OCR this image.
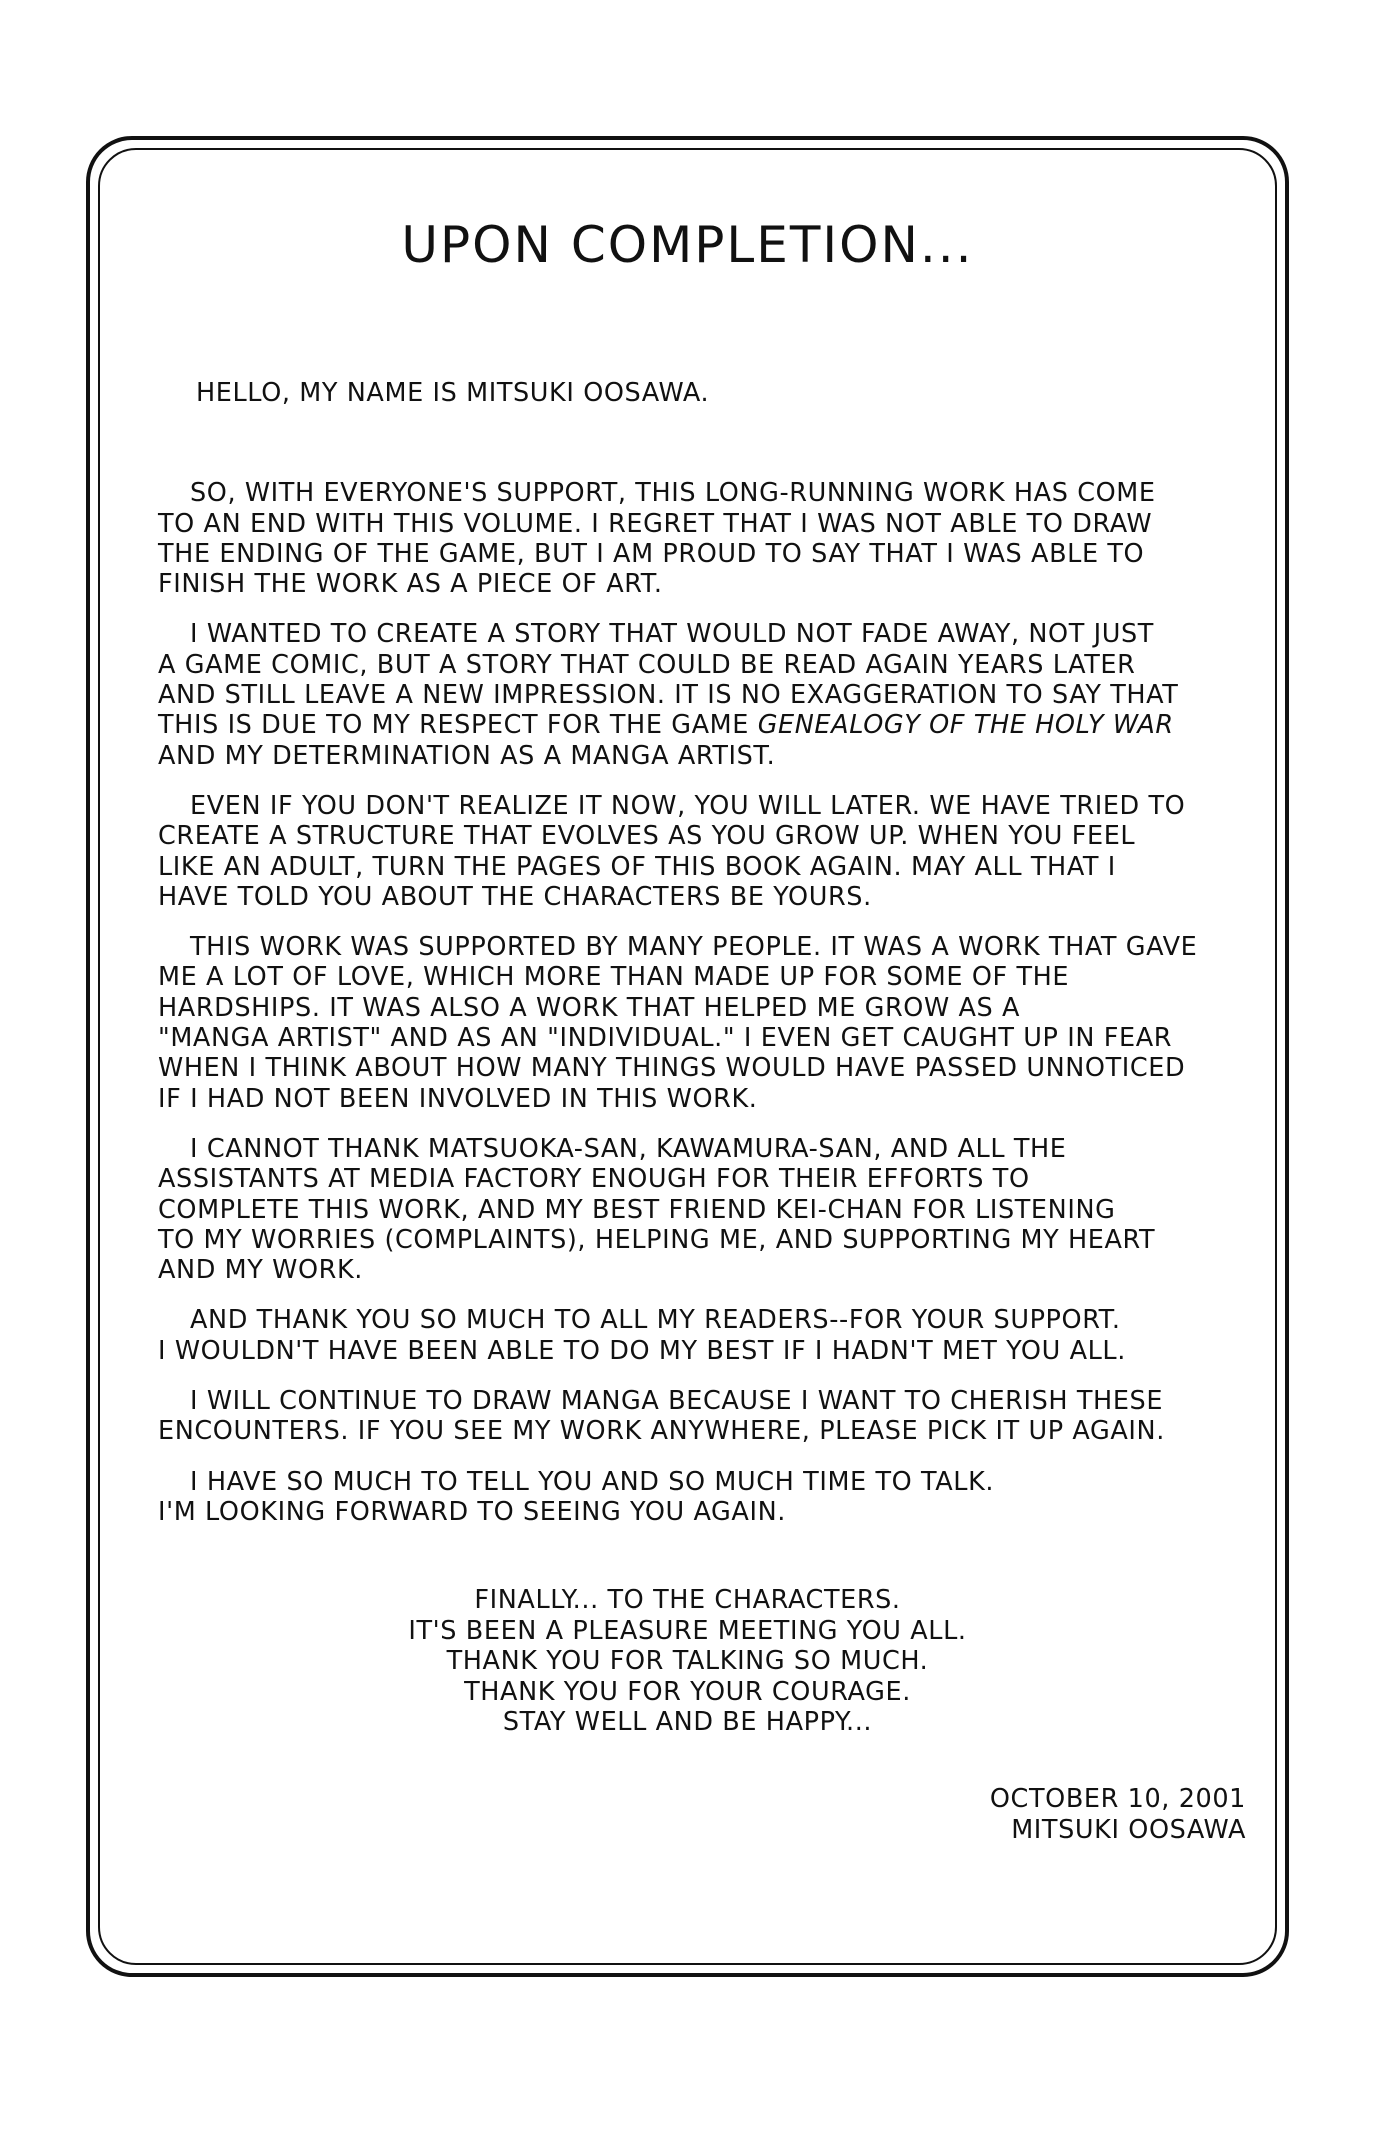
UPON COMPLETION...

HELLO, MY NAME IS MITSUKI OOSAWA.

SO, WITH EVERYONE'S SUPPORT, THIS LONG-RUNNING WORK HAS COME
TO AN END WITH THIS VOLUME. I REGRET THAT I WAS NOT ABLE TO DRAW
THE ENDING OF THE GAME, BUT I AM PROUD TO SAY THAT I WAS ABLE TO
FINISH THE WORK AS A PIECE OF ART.

I WANTED TO CREATE A STORY THAT WOULD NOT FADE AWAY, NOT JUST
A GAME COMIC, BUT A STORY THAT COULD BE READ AGAIN YEARS LATER
AND STILL LEAVE A NEW IMPRESSION. IT IS NO EXAGGERATION TO SAY THAT
THIS IS DUE TO MY RESPECT FOR THE GAME GENEALOGY OF THE HOLY WAR
AND MY DETERMINATION AS A MANGA ARTIST.

EVEN IF YOU DON'T REALIZE IT NOW, YOU WILL LATER. WE HAVE TRIED TO
CREATE A STRUCTURE THAT EVOLVES AS YOU GROW UP. WHEN YOU FEEL
LIKE AN ADULT, TURN THE PAGES OF THIS BOOK AGAIN. MAY ALL THAT I
HAVE TOLD YOU ABOUT THE CHARACTERS BE YOURS.

THIS WORK WAS SUPPORTED BY MANY PEOPLE. IT WAS A WORK THAT GAVE
ME A LOT OF LOVE, WHICH MORE THAN MADE UP FOR SOME OF THE
HARDSHIPS. IT WAS ALSO A WORK THAT HELPED ME GROW AS A
"MANGA ARTIST" AND AS AN "INDIVIDUAL." I EVEN GET CAUGHT UP IN FEAR
WHEN I THINK ABOUT HOW MANY THINGS WOULD HAVE PASSED UNNOTICED
IF I HAD NOT BEEN INVOLVED IN THIS WORK.

I CANNOT THANK MATSUOKA-SAN, KAWAMURA-SAN, AND ALL THE
ASSISTANTS AT MEDIA FACTORY ENOUGH FOR THEIR EFFORTS TO
COMPLETE THIS WORK, AND MY BEST FRIEND KEI-CHAN FOR LISTENING
TO MY WORRIES (COMPLAINTS), HELPING ME, AND SUPPORTING MY HEART
AND MY WORK.

AND THANK YOU SO MUCH TO ALL MY READERS--FOR YOUR SUPPORT.
I WOULDN'T HAVE BEEN ABLE TO DO MY BEST IF I HADN'T MET YOU ALL.

I WILL CONTINUE TO DRAW MANGA BECAUSE I WANT TO CHERISH THESE
ENCOUNTERS. IF YOU SEE MY WORK ANYWHERE, PLEASE PICK IT UP AGAIN.

I HAVE SO MUCH TO TELL YOU AND SO MUCH TIME TO TALK.
I'M LOOKING FORWARD TO SEEING YOU AGAIN.

FINALLY... TO THE CHARACTERS.
IT'S BEEN A PLEASURE MEETING YOU ALL.
THANK YOU FOR TALKING SO MUCH.
THANK YOU FOR YOUR COURAGE.
STAY WELL AND BE HAPPY...
OCTOBER 10, 2001
MITSUKI OOSAWA
